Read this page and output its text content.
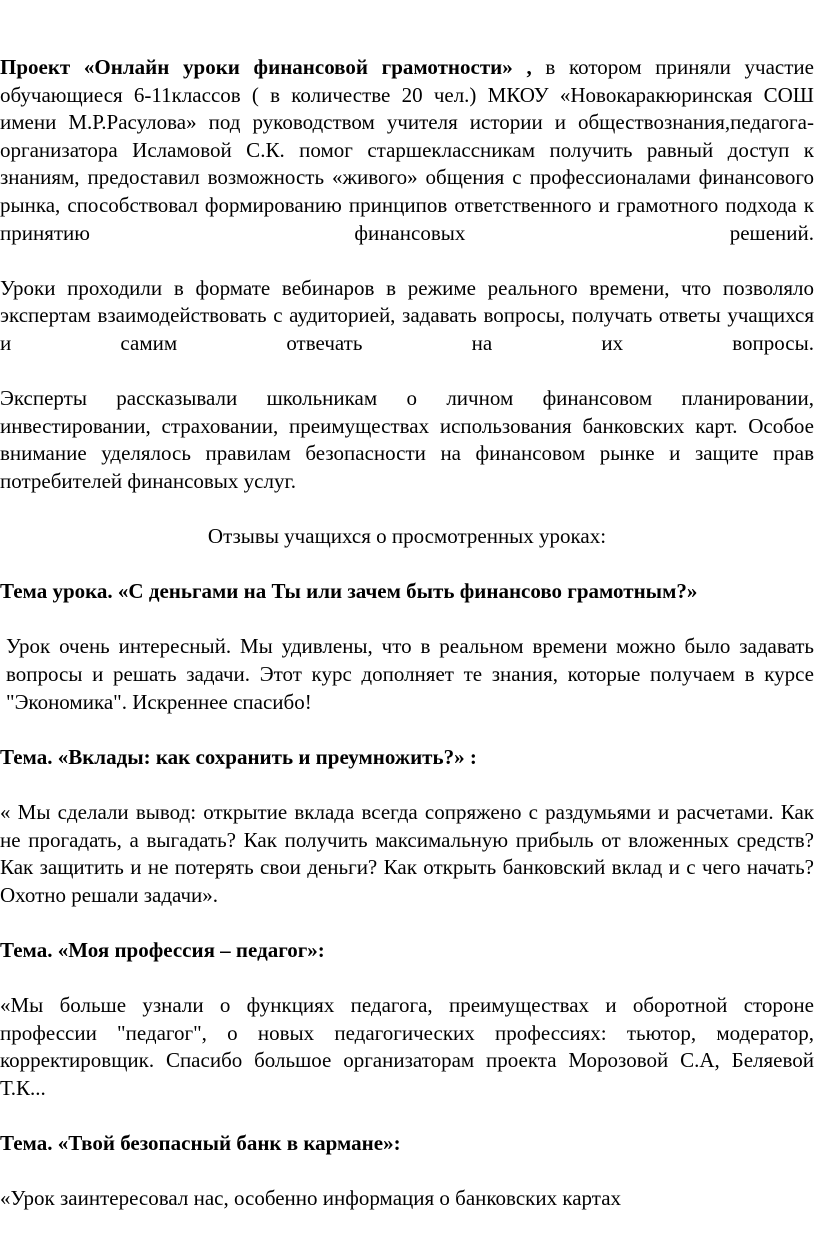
Проект «Онлайн уроки финансовой грамотности» , в котором приняли участие обучающиеся 6-11классов ( в количестве 20 чел.) МКОУ «Новокаракюринская СОШ имени М.Р.Расулова» под руководством учителя истории и обществознания,педагога-организатора Исламовой С.К. помог старшеклассникам получить равный доступ к знаниям, предоставил возможность «живого» общения с профессионалами финансового рынка, способствовал формированию принципов ответственного и грамотного подхода к принятию финансовых решений.

Уроки проходили в формате вебинаров в режиме реального времени, что позволяло экспертам взаимодействовать с аудиторией, задавать вопросы, получать ответы учащихся и самим отвечать на их вопросы.

Эксперты рассказывали школьникам о личном финансовом планировании, инвестировании, страховании, преимуществах использования банковских карт. Особое внимание уделялось правилам безопасности на финансовом рынке и защите прав потребителей финансовых услуг.

Отзывы учащихся о просмотренных уроках:

Тема урока. «С деньгами на Ты или зачем быть финансово грамотным?»

Урок очень интересный. Мы удивлены, что в реальном времени можно было задавать вопросы и решать задачи. Этот курс дополняет те знания, которые получаем в курсе "Экономика". Искреннее спасибо!

Тема. «Вклады: как сохранить и преумножить?» :

« Мы сделали вывод: открытие вклада всегда сопряжено с раздумьями и расчетами. Как не прогадать, а выгадать? Как получить максимальную прибыль от вложенных средств? Как защитить и не потерять свои деньги? Как открыть банковский вклад и с чего начать? Охотно решали задачи».

Тема. «Моя профессия – педагог»:

«Мы больше узнали о функциях педагога, преимуществах и оборотной стороне профессии "педагог", о новых педагогических профессиях: тьютор, модератор, корректировщик. Спасибо большое организаторам проекта Морозовой С.А, Беляевой Т.К...

Тема. «Твой безопасный банк в кармане»:

«Урок заинтересовал нас, особенно информация о банковских картах
